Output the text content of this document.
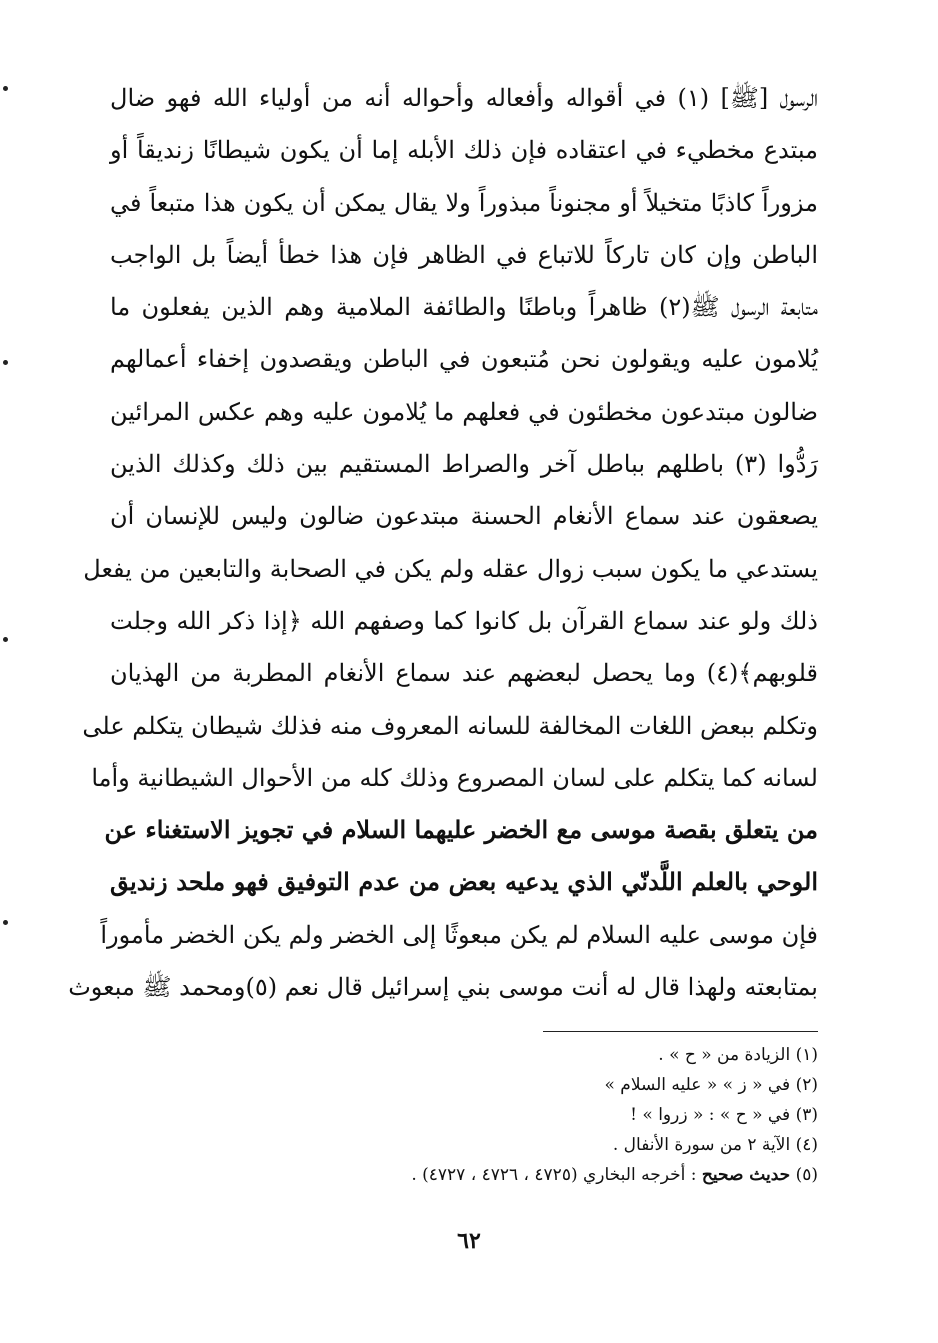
الرسول [ﷺ] (١) في أقواله وأفعاله وأحواله أنه من أولياء الله فهو ضال
مبتدع مخطيء في اعتقاده فإن ذلك الأبله إما أن يكون شيطانًا زنديقاً أو
مزوراً كاذبًا متخيلاً أو مجنوناً مبذوراً ولا يقال يمكن أن يكون هذا متبعاً في
الباطن وإن كان تاركاً للاتباع في الظاهر فإن هذا خطأ أيضاً بل الواجب
متابعة الرسول ﷺ(٢) ظاهراً وباطنًا والطائفة الملامية وهم الذين يفعلون ما
يُلامون عليه ويقولون نحن مُتبعون في الباطن ويقصدون إخفاء أعمالهم
ضالون مبتدعون مخطئون في فعلهم ما يُلامون عليه وهم عكس المرائين
رَدُّوا (٣) باطلهم بباطل آخر والصراط المستقيم بين ذلك وكذلك الذين
يصعقون عند سماع الأنغام الحسنة مبتدعون ضالون وليس للإنسان أن
يستدعي ما يكون سبب زوال عقله ولم يكن في الصحابة والتابعين من يفعل
ذلك ولو عند سماع القرآن بل كانوا كما وصفهم الله ﴿إذا ذكر الله وجلت
قلوبهم﴾(٤) وما يحصل لبعضهم عند سماع الأنغام المطربة من الهذيان
وتكلم ببعض اللغات المخالفة للسانه المعروف منه فذلك شيطان يتكلم على
لسانه كما يتكلم على لسان المصروع وذلك كله من الأحوال الشيطانية وأما
من يتعلق بقصة موسى مع الخضر عليهما السلام في تجويز الاستغناء عن
الوحي بالعلم اللَّدنّي الذي يدعيه بعض من عدم التوفيق فهو ملحد زنديق
فإن موسى عليه السلام لم يكن مبعوثًا إلى الخضر ولم يكن الخضر مأموراً
بمتابعته ولهذا قال له أنت موسى بني إسرائيل قال نعم (٥)ومحمد ﷺ مبعوث
(١) الزيادة من « ح » .
(٢) في « ز » « عليه السلام »
(٣) في « ح » : « زروا » !
(٤) الآية ٢ من سورة الأنفال .
(٥) حديث صحيح : أخرجه البخاري (٤٧٢٥ ، ٤٧٢٦ ، ٤٧٢٧) .
٦٢
